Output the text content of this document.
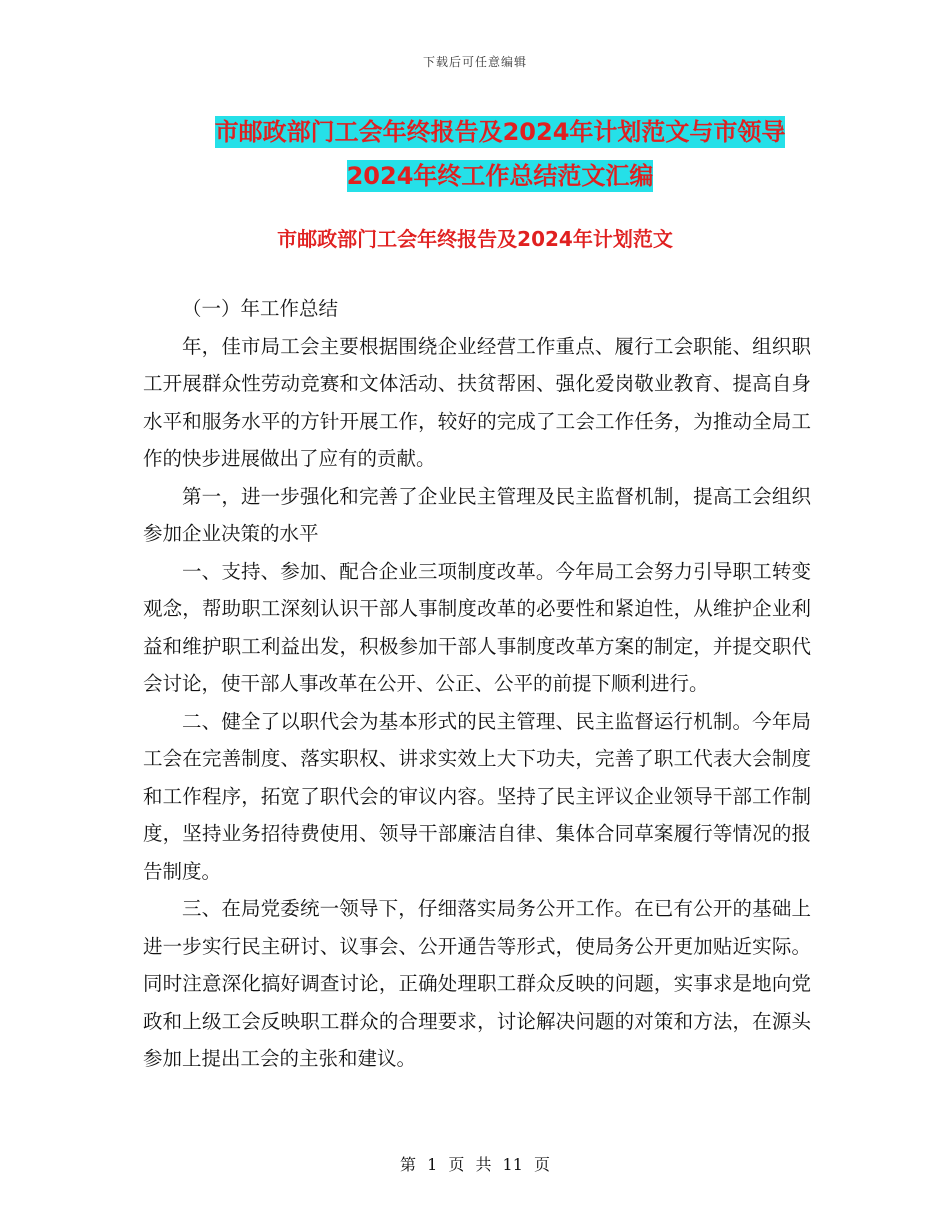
下载后可任意编辑
市邮政部门工会年终报告及2024年计划范文与市领导
2024年终工作总结范文汇编
市邮政部门工会年终报告及2024年计划范文

（一）年工作总结

年，佳市局工会主要根据围绕企业经营工作重点、履行工会职能、组织职工开展群众性劳动竞赛和文体活动、扶贫帮困、强化爱岗敬业教育、提高自身水平和服务水平的方针开展工作，较好的完成了工会工作任务，为推动全局工作的快步进展做出了应有的贡献。

第一，进一步强化和完善了企业民主管理及民主监督机制，提高工会组织参加企业决策的水平

一、支持、参加、配合企业三项制度改革。今年局工会努力引导职工转变观念，帮助职工深刻认识干部人事制度改革的必要性和紧迫性，从维护企业利益和维护职工利益出发，积极参加干部人事制度改革方案的制定，并提交职代会讨论，使干部人事改革在公开、公正、公平的前提下顺利进行。

二、健全了以职代会为基本形式的民主管理、民主监督运行机制。今年局工会在完善制度、落实职权、讲求实效上大下功夫，完善了职工代表大会制度和工作程序，拓宽了职代会的审议内容。坚持了民主评议企业领导干部工作制度，坚持业务招待费使用、领导干部廉洁自律、集体合同草案履行等情况的报告制度。

三、在局党委统一领导下，仔细落实局务公开工作。在已有公开的基础上进一步实行民主研讨、议事会、公开通告等形式，使局务公开更加贴近实际。同时注意深化搞好调查讨论，正确处理职工群众反映的问题，实事求是地向党政和上级工会反映职工群众的合理要求，讨论解决问题的对策和方法，在源头参加上提出工会的主张和建议。

第 1 页 共 11 页
